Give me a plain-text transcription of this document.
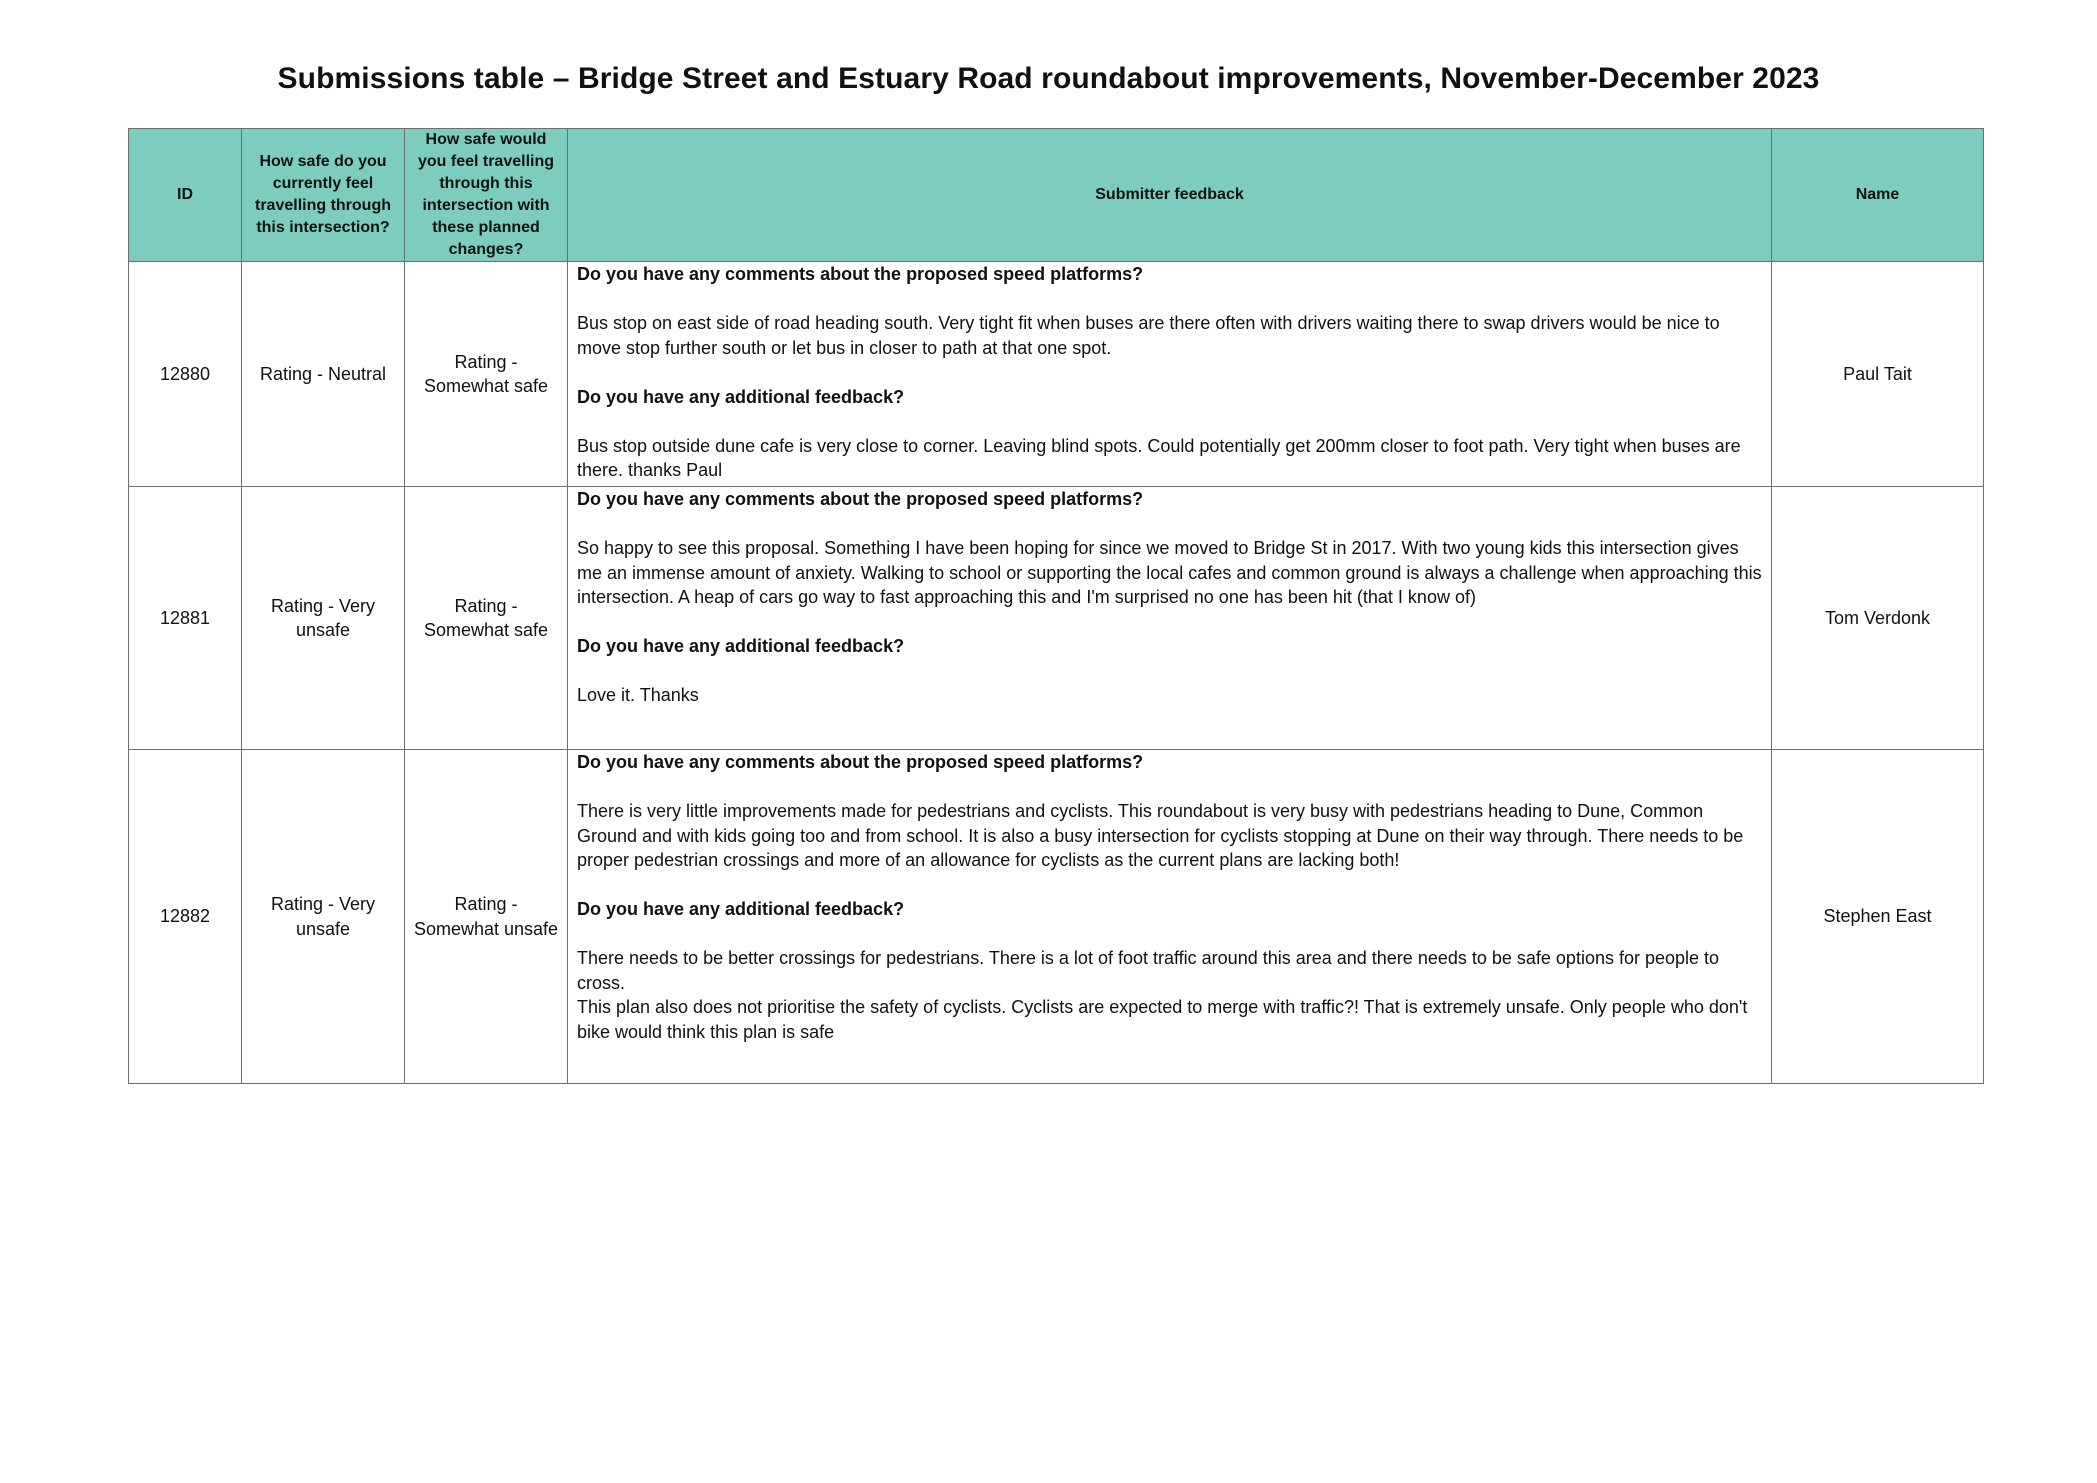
Submissions table – Bridge Street and Estuary Road roundabout improvements, November-December 2023
ID	How safe do you currently feel travelling through this intersection?	How safe would you feel travelling through this intersection with these planned changes?	Submitter feedback	Name
12880	Rating - Neutral	Rating - Somewhat safe	Do you have any comments about the proposed speed platforms?
Bus stop on east side of road heading south. Very tight fit when buses are there often with drivers waiting there to swap drivers would be nice to move stop further south or let bus in closer to path at that one spot.
Do you have any additional feedback?
Bus stop outside dune cafe is very close to corner. Leaving blind spots. Could potentially get 200mm closer to foot path. Very tight when buses are there. thanks Paul	Paul Tait
12881	Rating - Very unsafe	Rating - Somewhat safe	Do you have any comments about the proposed speed platforms?
So happy to see this proposal. Something I have been hoping for since we moved to Bridge St in 2017. With two young kids this intersection gives me an immense amount of anxiety. Walking to school or supporting the local cafes and common ground is always a challenge when approaching this intersection. A heap of cars go way to fast approaching this and I'm surprised no one has been hit (that I know of)
Do you have any additional feedback?
Love it. Thanks	Tom Verdonk
12882	Rating - Very unsafe	Rating - Somewhat unsafe	Do you have any comments about the proposed speed platforms?
There is very little improvements made for pedestrians and cyclists. This roundabout is very busy with pedestrians heading to Dune, Common Ground and with kids going too and from school. It is also a busy intersection for cyclists stopping at Dune on their way through. There needs to be proper pedestrian crossings and more of an allowance for cyclists as the current plans are lacking both!
Do you have any additional feedback?
There needs to be better crossings for pedestrians. There is a lot of foot traffic around this area and there needs to be safe options for people to cross.
This plan also does not prioritise the safety of cyclists. Cyclists are expected to merge with traffic?! That is extremely unsafe. Only people who don't bike would think this plan is safe	Stephen East
